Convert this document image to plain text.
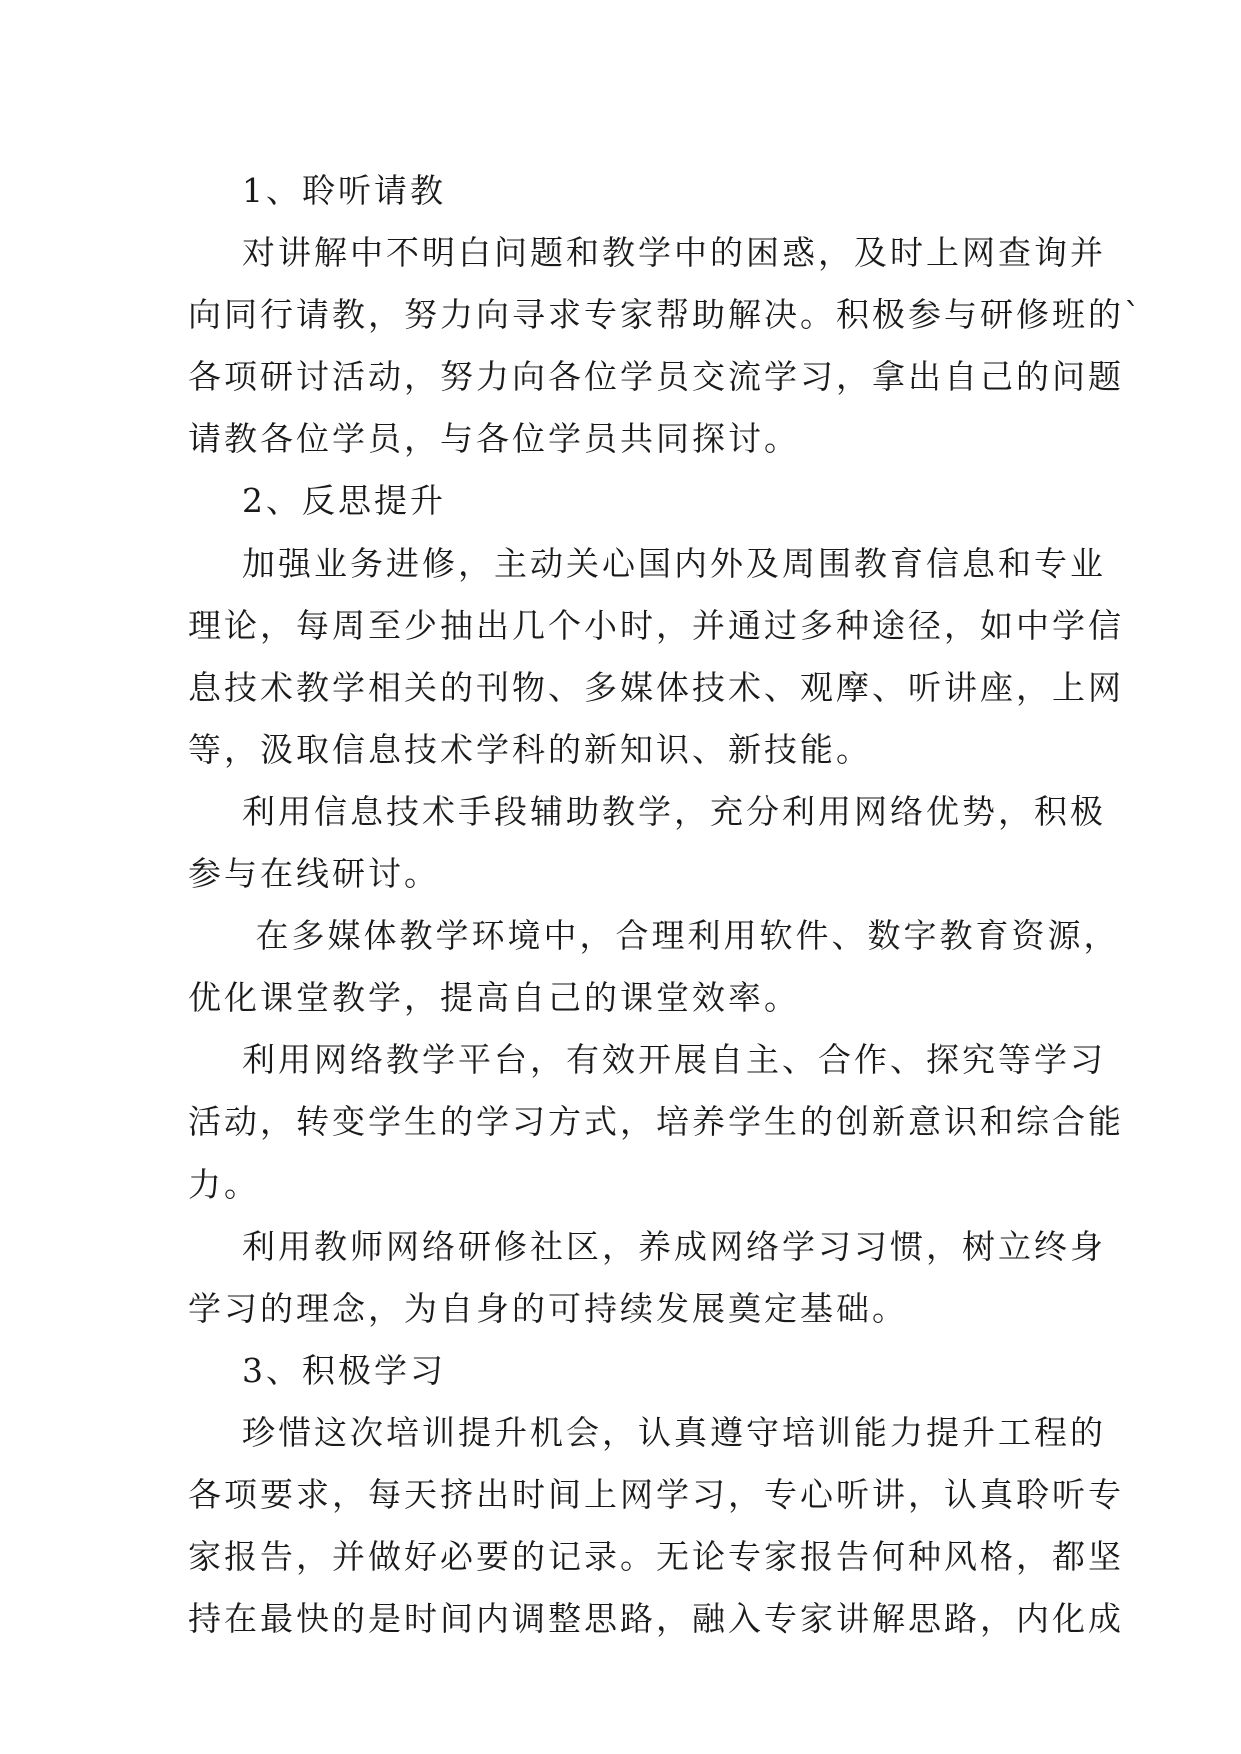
1、聆听请教

对讲解中不明白问题和教学中的困惑，及时上网查询并

向同行请教，努力向寻求专家帮助解决。积极参与研修班的`

各项研讨活动，努力向各位学员交流学习，拿出自己的问题

请教各位学员，与各位学员共同探讨。

2、反思提升

加强业务进修，主动关心国内外及周围教育信息和专业

理论，每周至少抽出几个小时，并通过多种途径，如中学信

息技术教学相关的刊物、多媒体技术、观摩、听讲座，上网

等，汲取信息技术学科的新知识、新技能。

利用信息技术手段辅助教学，充分利用网络优势，积极

参与在线研讨。

在多媒体教学环境中，合理利用软件、数字教育资源，

优化课堂教学，提高自己的课堂效率。

利用网络教学平台，有效开展自主、合作、探究等学习

活动，转变学生的学习方式，培养学生的创新意识和综合能

力。

利用教师网络研修社区，养成网络学习习惯，树立终身

学习的理念，为自身的可持续发展奠定基础。

3、积极学习

珍惜这次培训提升机会，认真遵守培训能力提升工程的

各项要求，每天挤出时间上网学习，专心听讲，认真聆听专

家报告，并做好必要的记录。无论专家报告何种风格，都坚

持在最快的是时间内调整思路，融入专家讲解思路，内化成
